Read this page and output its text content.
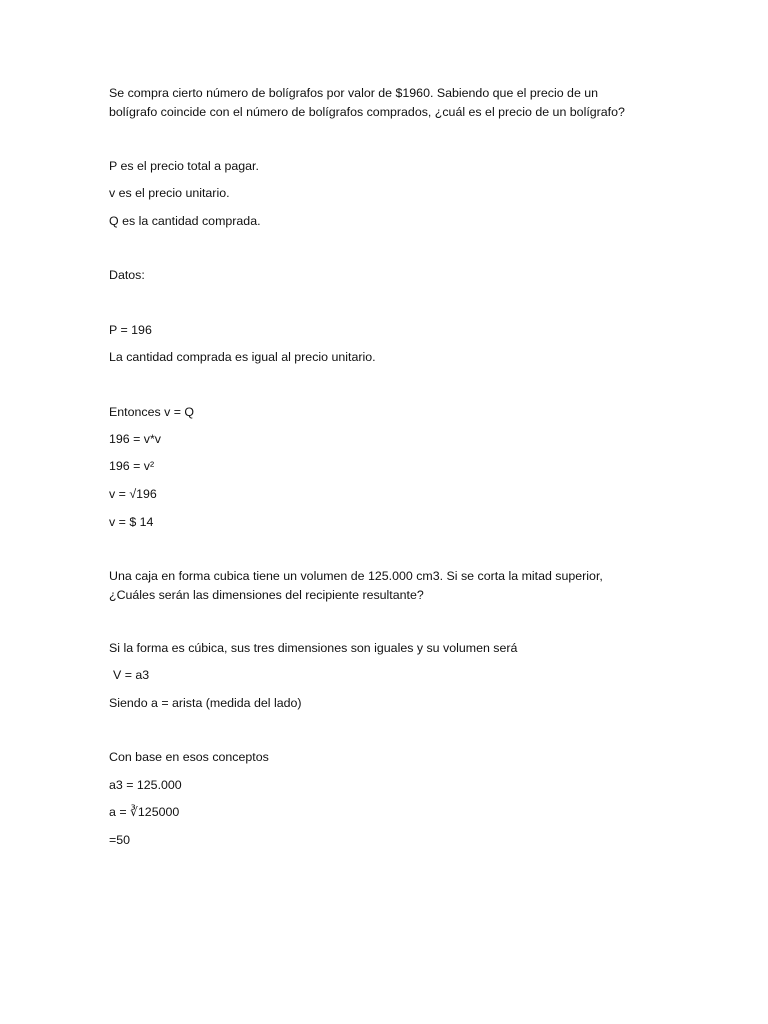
Se compra cierto número de bolígrafos por valor de $1960. Sabiendo que el precio de un

bolígrafo coincide con el número de bolígrafos comprados, ¿cuál es el precio de un bolígrafo?

P es el precio total a pagar.

v es el precio unitario.

Q es la cantidad comprada.

Datos:

P = 196

La cantidad comprada es igual al precio unitario.

Entonces v = Q

196 = v*v

196 = v²

v = √196

v = $ 14

Una caja en forma cubica tiene un volumen de 125.000 cm3. Si se corta la mitad superior,

¿Cuáles serán las dimensiones del recipiente resultante?

Si la forma es cúbica, sus tres dimensiones son iguales y su volumen será

V = a3

Siendo a = arista (medida del lado)

Con base en esos conceptos

a3 = 125.000

a = ∛125000

=50
